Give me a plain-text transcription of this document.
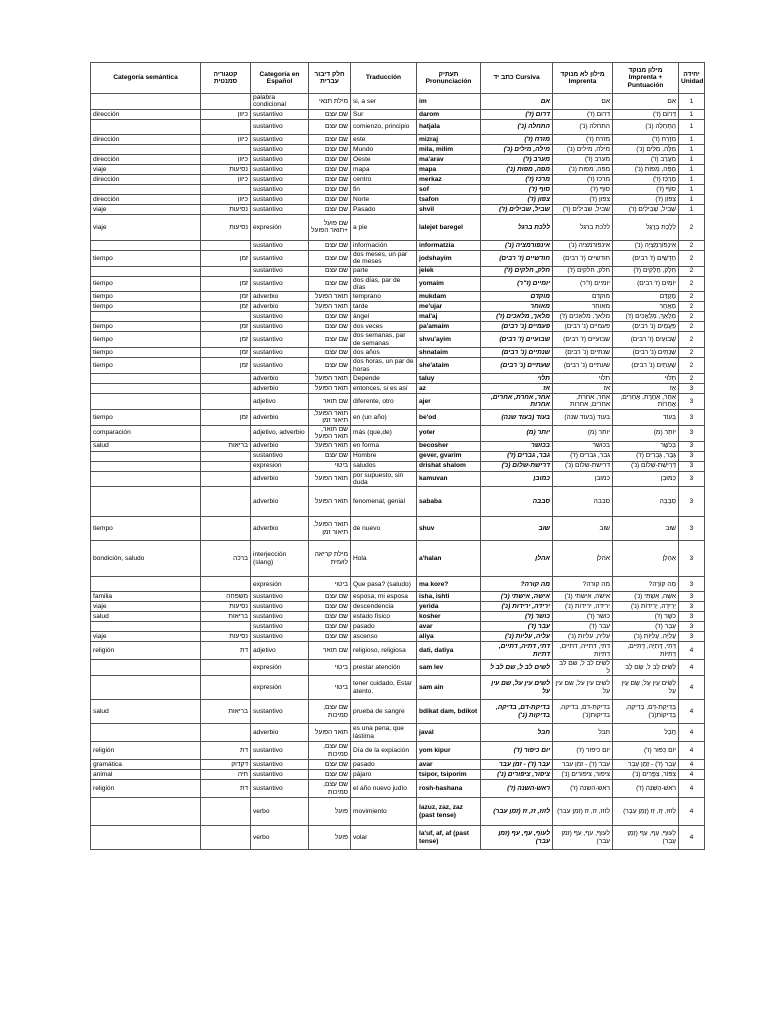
Categoría semántica	קטגוריה סמנטית	Categoría en Español	חלק דיבור עברית	Traducción	תעתיק Pronunciación	כתב יד Cursiva	מילון לא מנוקד Imprenta	מילון מנוקד Imprenta + Puntuación	יחידה Unidad
		palabra condicional	מילת תנאי	si, a ser	im	אם	אם	אִם	1
dirección	כיוון	sustantivo	שם עצם	Sur	darom	דרום (ז')	דרום (ז')	דָּרוֹם (ז')	1
		sustantivo	שם עצם	comienzo, principio	hatjala	התחלה (נ')	התחלה (נ')	הַתְחָלָה (נ')	1
dirección	כיוון	sustantivo	שם עצם	este	mizraj	מזרח (ז')	מזרח (ז')	מִזְרָח (ז')	1
		sustantivo	שם עצם	Mundo	mila, milim	מילה, מילים (נ')	מילה, מילים (נ')	מִלָּה, מִלִּים (נ')	1
dirección	כיוון	sustantivo	שם עצם	Oeste	ma'arav	מערב (ז')	מערב (ז')	מַעֲרָב (ז')	1
viaje	נסיעות	sustantivo	שם עצם	mapa	mapa	מפה, מפות (נ')	מפה, מפות (נ')	מַפָּה, מַפּוֹת (נ')	1
dirección	כיוון	sustantivo	שם עצם	centro	merkaz	מרכז (ז')	מרכז (ז')	מֶרְכָּז (ז')	1
		sustantivo	שם עצם	fin	sof	סוף (ז')	סוף (ז')	סוֹף (ז')	1
dirección	כיוון	sustantivo	שם עצם	Norte	tsafon	צפון (ז')	צפון (ז')	צָפוֹן (ז')	1
viaje	נסיעות	sustantivo	שם עצם	Pasado	shvil	שביל, שבילים (ז')	שביל, שבילים (ז')	שְׁבִיל, שְׁבִילִים (ז')	1
viaje	נסיעות	expresión	שם פועל +תואר הפועל	a pie	lalejet baregel	ללכת ברגל	ללכת ברגל	לָלֶכֶת בָּרֶגֶל	2
		sustantivo	שם עצם	información	informatzia	אינפורמציה (נ')	אינפורמציה (נ')	אִינְפוֹרְמַצְיָה (נ')	2
tiempo	זמן	sustantivo	שם עצם	dos meses, un par de meses	jodshayim	חודשיים (ז' רבים)	חודשיים (ז' רבים)	חָדְשַׁיִם (ז' רבים)	2
		sustantivo	שם עצם	parte	jelek	חלק, חלקים (ז')	חלק, חלקים (ז')	חֵלֶק, חֲלָקִים (ז')	2
tiempo	זמן	sustantivo	שם עצם	dos días, par de días	yomaim	יומיים (ז"ר)	יומיים (ז"ר)	יוֹמַיִם (ז' רבים)	2
tiempo	זמן	adverbio	תואר הפועל	temprano	mukdam	מוקדם	מוקדם	מֻקְדָּם	2
tiempo	זמן	adverbio	תואר הפועל	tarde	me'ujar	מאוחר	מאוחר	מְאֻחָר	2
		sustantivo	שם עצם	ángel	mal'aj	מלאך, מלאכים (ז')	מלאך, מלאכים (ז')	מַלְאָךְ, מַלְאָכִים (ז')	2
tiempo	זמן	sustantivo	שם עצם	dos veces	pa'amaim	פעמיים (נ' רבים)	פעמיים (נ' רבים)	פַּעֲמַיִם (נ' רבים)	2
tiempo	זמן	sustantivo	שם עצם	dos semanas, par de semanas	shvu'ayim	שבועיים (ז' רבים)	שבועיים (ז' רבים)	שְׁבוּעַיִם (ז' רבים)	2
tiempo	זמן	sustantivo	שם עצם	dos años	shnataim	שנתיים (נ' רבים)	שנתיים (נ' רבים)	שְׁנָתַיִם (נ' רבים)	2
tiempo	זמן	sustantivo	שם עצם	dos horas, un par de horas	she'ataim	שעתיים (נ' רבים)	שעתיים (נ' רבים)	שְׁעָתַיִם (נ' רבים)	2
		adverbio	תואר הפועל	Depende	taluy	תלוי	תלוי	תָּלוּי	2
		adverbio	תואר הפועל	entonces, si es así	az	אז	אז	אָז	3
		adjetivo	שם תואר	diferente, otro	ajer	אחר, אחרת, אחרים, אחרות	אחר, אחרת, אחרים, אחרות	אַחֵר, אַחֶרֶת, אֲחֵרִים, אֲחֵרוֹת	3
tiempo	זמן	adverbio	תואר הפועל, תיאור זמן	en (un año)	be'od	בעוד (בעוד שנה)	בעוד (בעוד שנה)	בְּעוֹד	3
comparación		adjetivo, adverbio	שם תואר, תואר הפועל	más (que,de)	yoter	יותר (מ)	יותר (מ)	יוֹתֵר (מ)	3
salud	בריאות	adverbio	תואר הפועל	en forma	becosher	בכושר	בכושר	בְּכֹשֶׁר	3
		sustantivo	שם עצם	Hombre	gever, gvarim	גבר, גברים (ז')	גבר, גברים (ז')	גֶּבֶר, גְּבָרִים (ז')	3
		expresion	ביטוי	saludos	drishat shalom	דרישת-שלום (נ')	דרישת-שלום (נ')	דְּרִישַׁת-שָׁלוֹם (נ')	3
		adverbio	תואר הפועל	por supuesto, sin duda	kamuvan	כמובן	כמובן	כַּמּוּבָן	3
		adverbio	תואר הפועל	fenomenal, genial	sababa	סבבה	סבבה	סַבָּבָּה	3
tiempo		adverbio	תואר הפועל, תיאור זמן	de nuevo	shuv	שוב	שוב	שׁוּב	3
bondición, saludo	ברכה	interjección (slang)	מילת קריאה לועזית	Hola	a'halan	אהלן	אהלן	אַהְלָן	3
		expresión	ביטוי	Que pasa? (saludo)	ma kore?	מה קורה?	מה קורה?	מַה קּוֹרֶה?	3
familia	משפחה	sustantivo	שם עצם	esposa, mi esposa	isha, ishti	אישה, אישתי (נ')	אישה, אישתי (נ')	אִשָּׁה, אִשְׁתִּי (נ')	3
viaje	נסיעות	sustantivo	שם עצם	descendencia	yerida	ירידה, ירידות (נ')	ירידה, ירידות (נ')	יְרִידָה, יְרִידוֹת (נ')	3
salud	בריאות	sustantivo	שם עצם	estado físico	kosher	כושר (ז')	כושר (ז')	כֹּשֶׁר (ז')	3
		sustantivo	שם עצם	pasado	avar	עבר (ז')	עבר (ז')	עָבָר (ז')	3
viaje	נסיעות	sustantivo	שם עצם	ascenso	aliya	עליה, עליות (נ')	עליה, עליות (נ')	עֲלִיָּה, עֲלִיּוֹת (נ')	3
religión	דת	adjetivo	שם תואר	religioso, religiosa	dati, datiya	דתי, דתיה, דתיים, דתיות	דתי, דתייה, דתיים, דתיות	דָּתִי, דָּתִיָּה, דָּתִיִּים, דָּתִיּוֹת	4
		expresión	ביטוי	prestar atención	sam lev	לשים לב ל, שם לב ל	לשים לב ל, שם לב ל	לָשִׂים לֵב ל, שָׂם לֵב	4
		expresión	ביטוי	tener cuidado, Estar atento.	sam ain	לשים עין על, שם עין על	לשים עין על, שם עין על	לָשִׂים עַיִן עַל, שָׂם עַיִן עַל	4
salud	בריאות	sustantivo	שם עצם, סמיכות	prueba de sangre	bdikat dam, bdikot	בדיקת-דם, בדיקה, בדיקות (נ')	בדיקת-דם, בדיקה, בדיקות(נ')	בְּדִיקַת-דָּם, בְּדִיקָה, בְּדִיקוֹת(נ')	4
		adverbio	תואר הפועל	es una pena, que lástima	javal	חבל	חבל	חֲבָל	4
religión	דת	sustantivo	שם עצם, סמיכות	Día de la expiación	yom kipur	יום כיפור (ז')	יום כיפור (ז')	יוֹם כִּפּוּר (ז')	4
gramática	דקדוק	sustantivo	שם עצם	pasado	avar	עבר (ז') - זמן עבר	עבר (ז') - זמן עבר	עָבָר (ז') - זְמַן עָבָר	4
animal	חיה	sustantivo	שם עצם	pájaro	tsipor, tsiporim	ציפור, ציפורים (נ')	ציפור, ציפורים (נ')	צִפּוֹר, צִפֳּרִים (נ')	4
religión	דת	sustantivo	שם עצם, סמיכות	el año nuevo judío	rosh-hashana	ראש-השנה (ז')	ראש-השנה (ז')	רֹאשׁ-הַשָּׁנָה (ז')	4
		verbo	פועל	movimiento	lazuz, zaz, zaz (past tense)	לזוז, זז, זז (זמן עבר)	לזוז, זז, זז (זמן עבר)	לָזוּז, זָז, זָז (זְמַן עָבָר)	4
		verbo	פועל	volar	la'uf, af, af (past tense)	לעוף, עף, עף (זמן עבר)	לעוף, עף, עף (זמן עבר)	לָעוּף, עָף, עָף (זְמַן עָבָר)	4
